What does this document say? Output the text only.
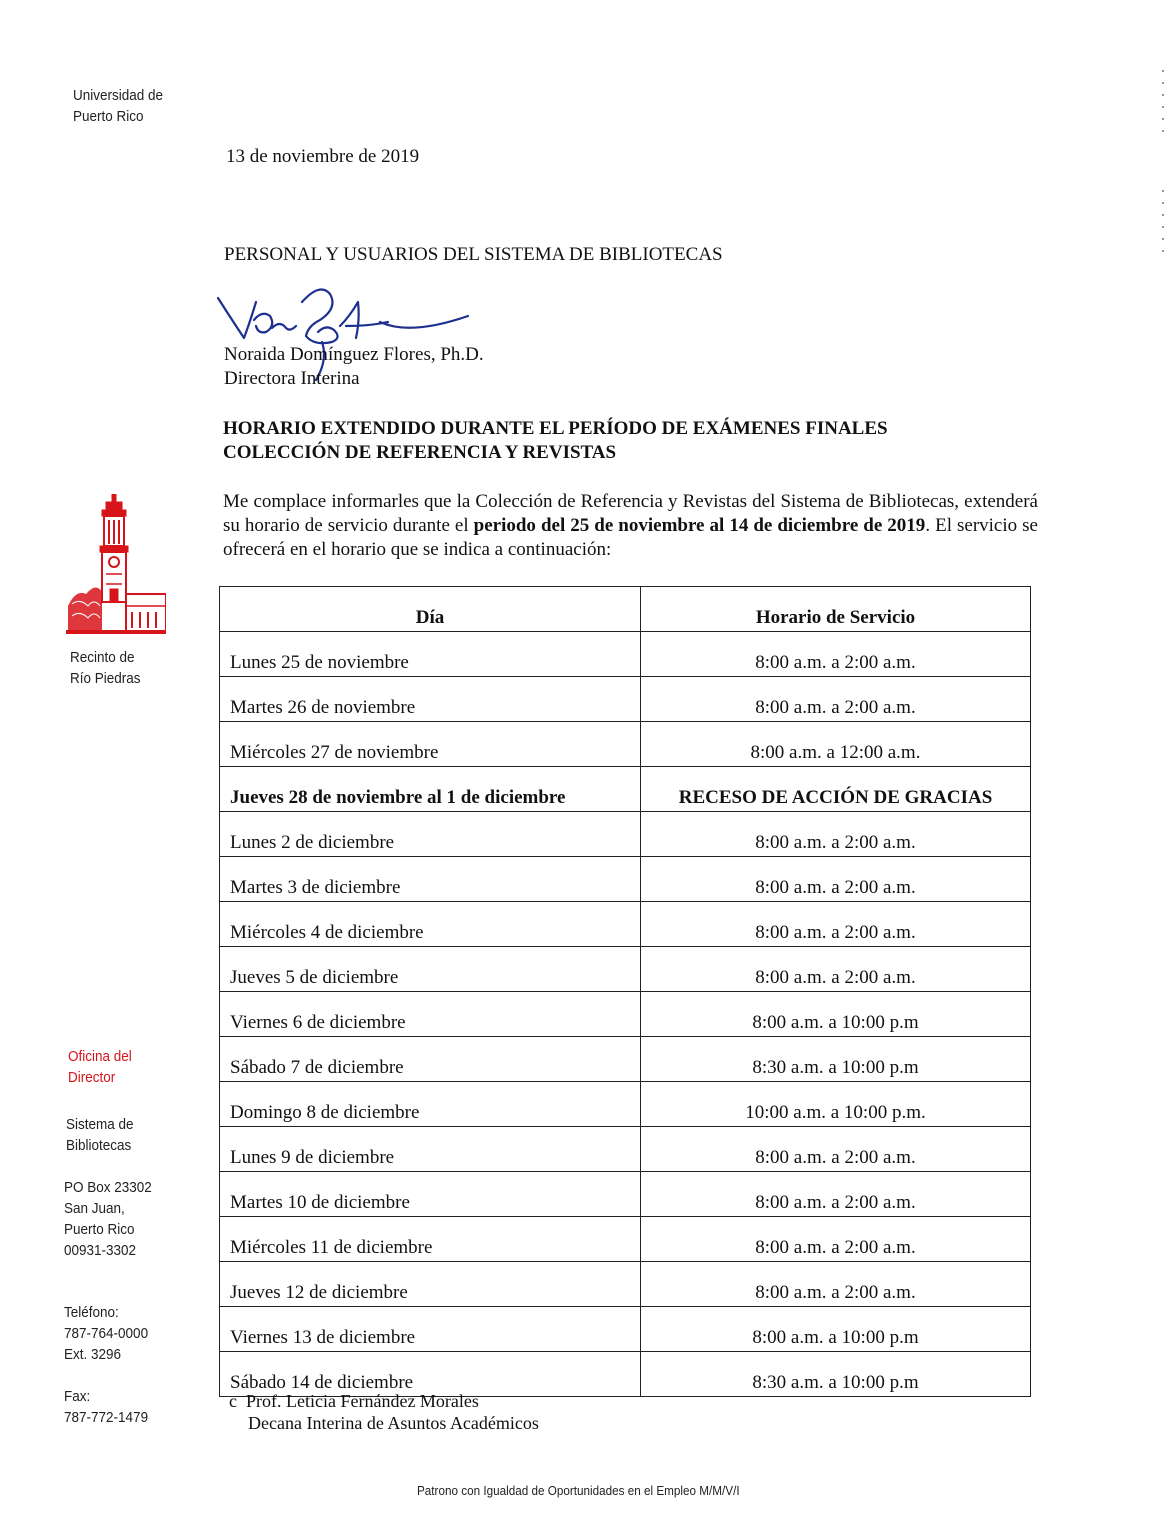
Universidad de
Puerto Rico
Recinto de
Río Piedras
Oficina del
Director
Sistema de
Bibliotecas
PO Box 23302
San Juan,
Puerto Rico
00931-3302
Teléfono:
787-764-0000
Ext. 3296
Fax:
787-772-1479
13 de noviembre de 2019
PERSONAL Y USUARIOS DEL SISTEMA DE BIBLIOTECAS
Noraida Domínguez Flores, Ph.D.
Directora Interina
HORARIO EXTENDIDO DURANTE EL PERÍODO DE EXÁMENES FINALES
COLECCIÓN DE REFERENCIA Y REVISTAS
Me complace informarles que la Colección de Referencia y Revistas del Sistema de Bibliotecas, extenderá su horario de servicio durante el periodo del 25 de noviembre al 14 de diciembre de 2019. El servicio se ofrecerá en el horario que se indica a continuación:
Día	Horario de Servicio
Lunes 25 de noviembre	8:00 a.m. a 2:00 a.m.
Martes 26 de noviembre	8:00 a.m. a 2:00 a.m.
Miércoles 27 de noviembre	8:00 a.m. a 12:00 a.m.
Jueves 28 de noviembre al 1 de diciembre	RECESO DE ACCIÓN DE GRACIAS
Lunes 2 de diciembre	8:00 a.m. a 2:00 a.m.
Martes 3 de diciembre	8:00 a.m. a 2:00 a.m.
Miércoles 4 de diciembre	8:00 a.m. a 2:00 a.m.
Jueves 5 de diciembre	8:00 a.m. a 2:00 a.m.
Viernes 6 de diciembre	8:00 a.m. a 10:00 p.m
Sábado 7 de diciembre	8:30 a.m. a 10:00 p.m
Domingo 8 de diciembre	10:00 a.m. a 10:00 p.m.
Lunes 9 de diciembre	8:00 a.m. a 2:00 a.m.
Martes 10 de diciembre	8:00 a.m. a 2:00 a.m.
Miércoles 11 de diciembre	8:00 a.m. a 2:00 a.m.
Jueves 12 de diciembre	8:00 a.m. a 2:00 a.m.
Viernes 13 de diciembre	8:00 a.m. a 10:00 p.m
Sábado 14 de diciembre	8:30 a.m. a 10:00 p.m
c Prof. Leticia Fernández Morales
Decana Interina de Asuntos Académicos
Patrono con Igualdad de Oportunidades en el Empleo M/M/V/I
